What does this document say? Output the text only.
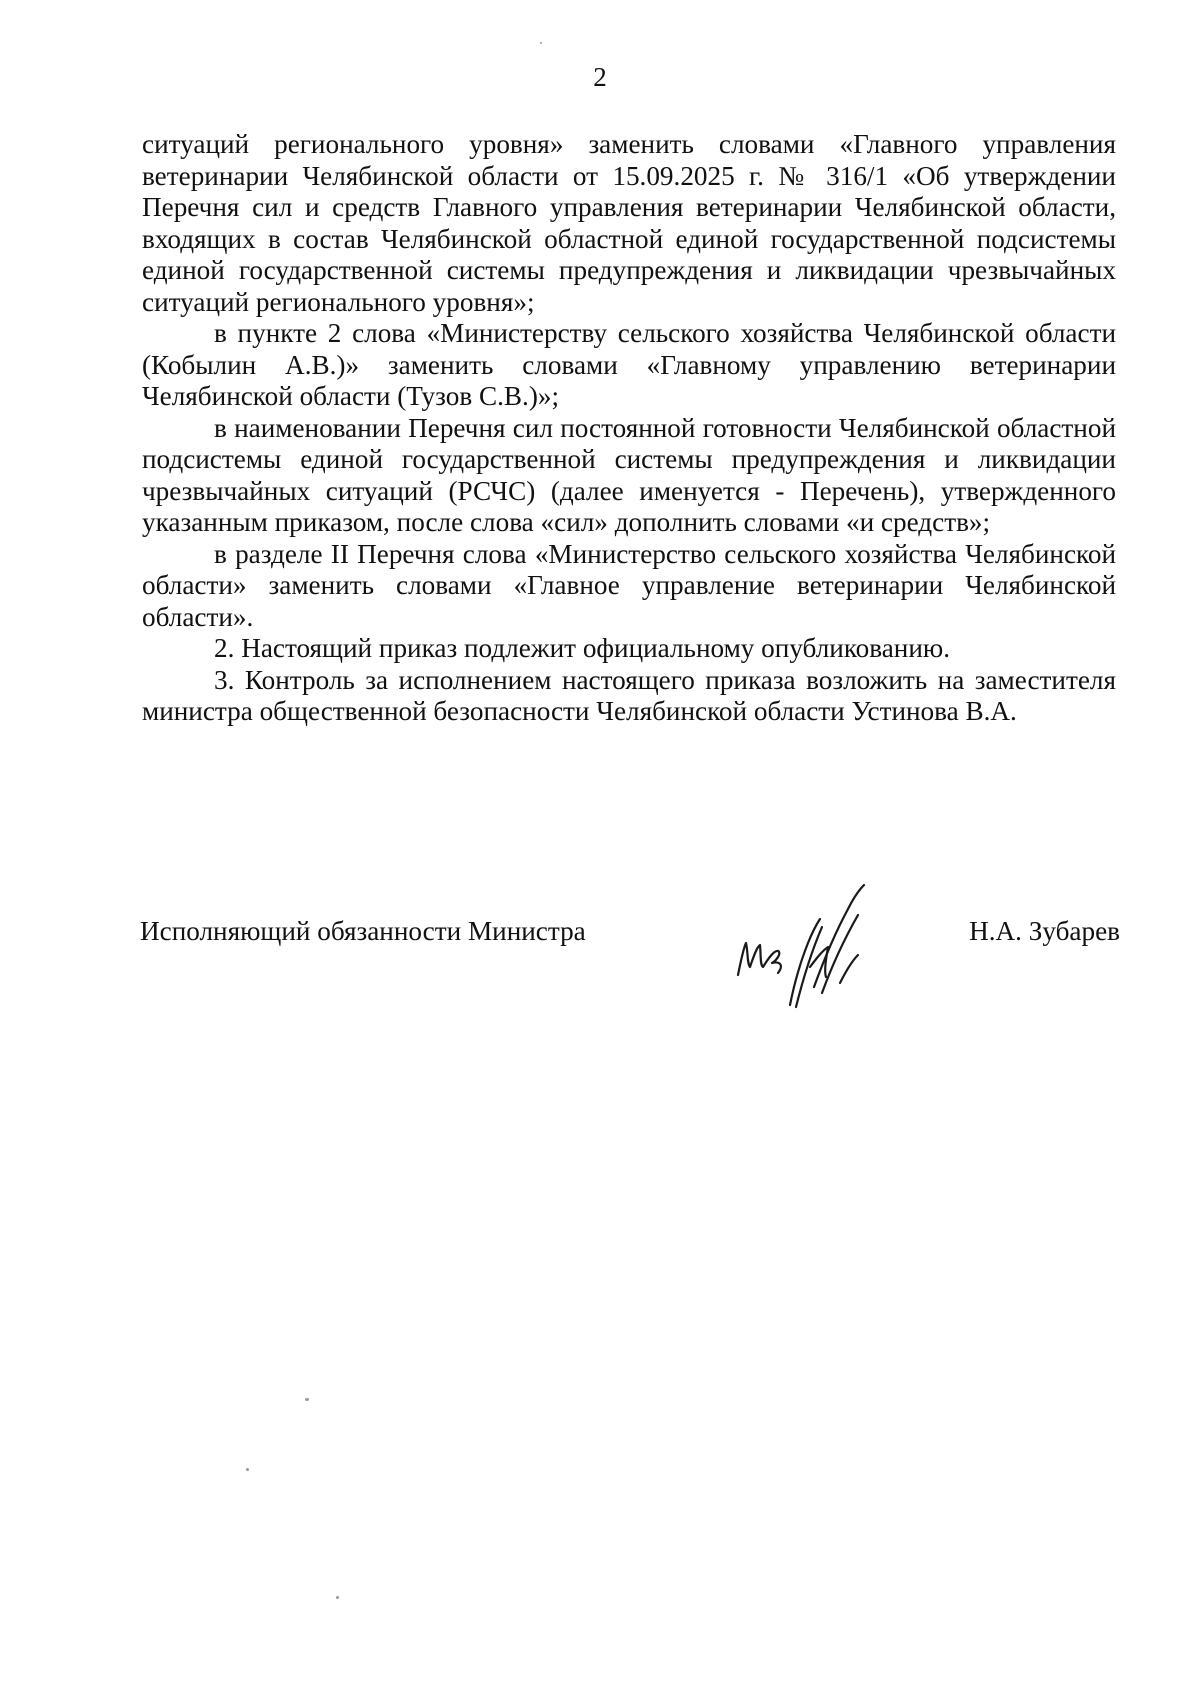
2

ситуаций регионального уровня» заменить словами «Главного управления ветеринарии Челябинской области от 15.09.2025 г. № 316/1 «Об утверждении Перечня сил и средств Главного управления ветеринарии Челябинской области, входящих в состав Челябинской областной единой государственной подсистемы единой государственной системы предупреждения и ликвидации чрезвычайных ситуаций регионального уровня»;

в пункте 2 слова «Министерству сельского хозяйства Челябинской области (Кобылин А.В.)» заменить словами «Главному управлению ветеринарии Челябинской области (Тузов С.В.)»;

в наименовании Перечня сил постоянной готовности Челябинской областной подсистемы единой государственной системы предупреждения и ликвидации чрезвычайных ситуаций (РСЧС) (далее именуется - Перечень), утвержденного указанным приказом, после слова «сил» дополнить словами «и средств»;

в разделе II Перечня слова «Министерство сельского хозяйства Челябинской области» заменить словами «Главное управление ветеринарии Челябинской области».

2. Настоящий приказ подлежит официальному опубликованию.

3. Контроль за исполнением настоящего приказа возложить на заместителя министра общественной безопасности Челябинской области Устинова В.А.

Исполняющий обязанности Министра	Н.А. Зубарев
